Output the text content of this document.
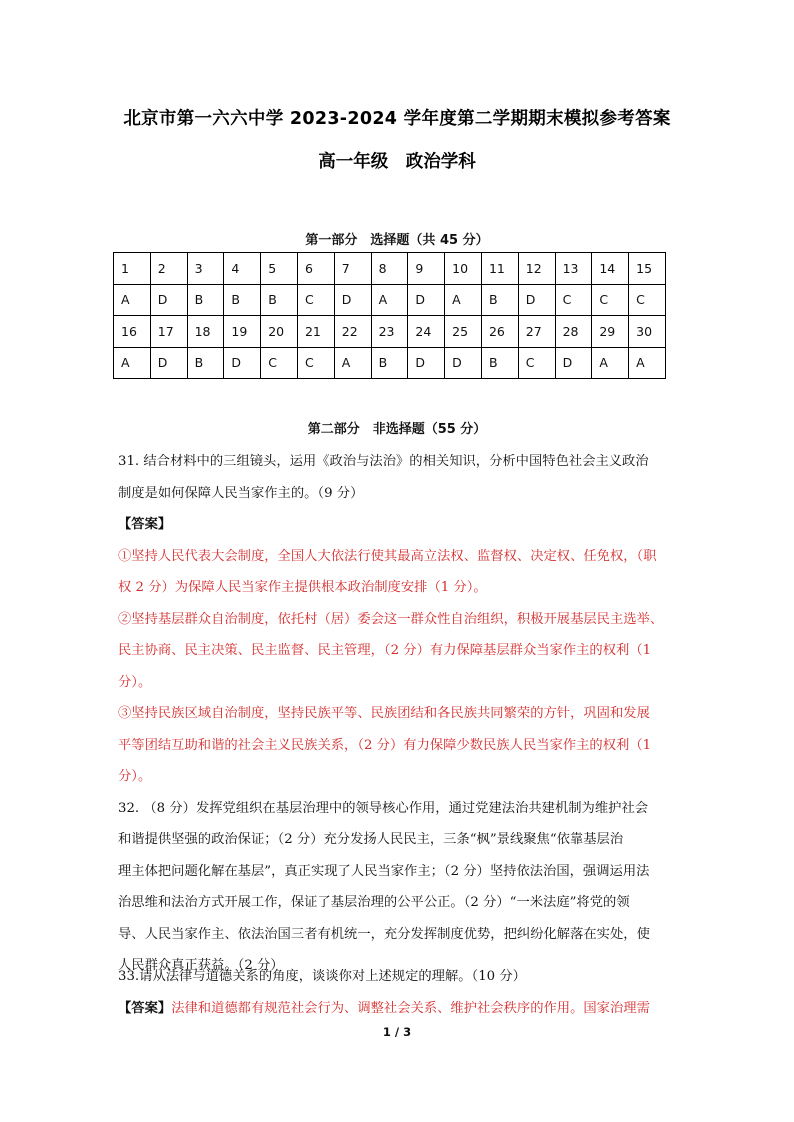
北京市第一六六中学 2023-2024 学年度第二学期期末模拟参考答案
高一年级　政治学科
第一部分　选择题（共 45 分）
1	2	3	4	5	6	7	8	9	10	11	12	13	14	15
A	D	B	B	B	C	D	A	D	A	B	D	C	C	C
16	17	18	19	20	21	22	23	24	25	26	27	28	29	30
A	D	B	D	C	C	A	B	D	D	B	C	D	A	A
第二部分　非选择题（55 分）
31. 结合材料中的三组镜头，运用《政治与法治》的相关知识，分析中国特色社会主义政治
制度是如何保障人民当家作主的。（9 分）
【答案】
①坚持人民代表大会制度，全国人大依法行使其最高立法权、监督权、决定权、任免权，（职
权 2 分）为保障人民当家作主提供根本政治制度安排（1 分）。
②坚持基层群众自治制度，依托村（居）委会这一群众性自治组织，积极开展基层民主选举、
民主协商、民主决策、民主监督、民主管理，（2 分）有力保障基层群众当家作主的权利（1
分）。
③坚持民族区域自治制度，坚持民族平等、民族团结和各民族共同繁荣的方针，巩固和发展
平等团结互助和谐的社会主义民族关系，（2 分）有力保障少数民族人民当家作主的权利（1
分）。
32. （8 分）发挥党组织在基层治理中的领导核心作用，通过党建法治共建机制为维护社会
和谐提供坚强的政治保证；（2 分）充分发扬人民民主，三条“枫”景线聚焦“依靠基层治
理主体把问题化解在基层”，真正实现了人民当家作主；（2 分）坚持依法治国，强调运用法
治思维和法治方式开展工作，保证了基层治理的公平公正。（2 分）“一米法庭”将党的领
导、人民当家作主、依法治国三者有机统一，充分发挥制度优势，把纠纷化解落在实处，使
人民群众真正获益。（2 分）
33.请从法律与道德关系的角度，谈谈你对上述规定的理解。（10 分）
【答案】法律和道德都有规范社会行为、调整社会关系、维护社会秩序的作用。国家治理需
1 / 3
